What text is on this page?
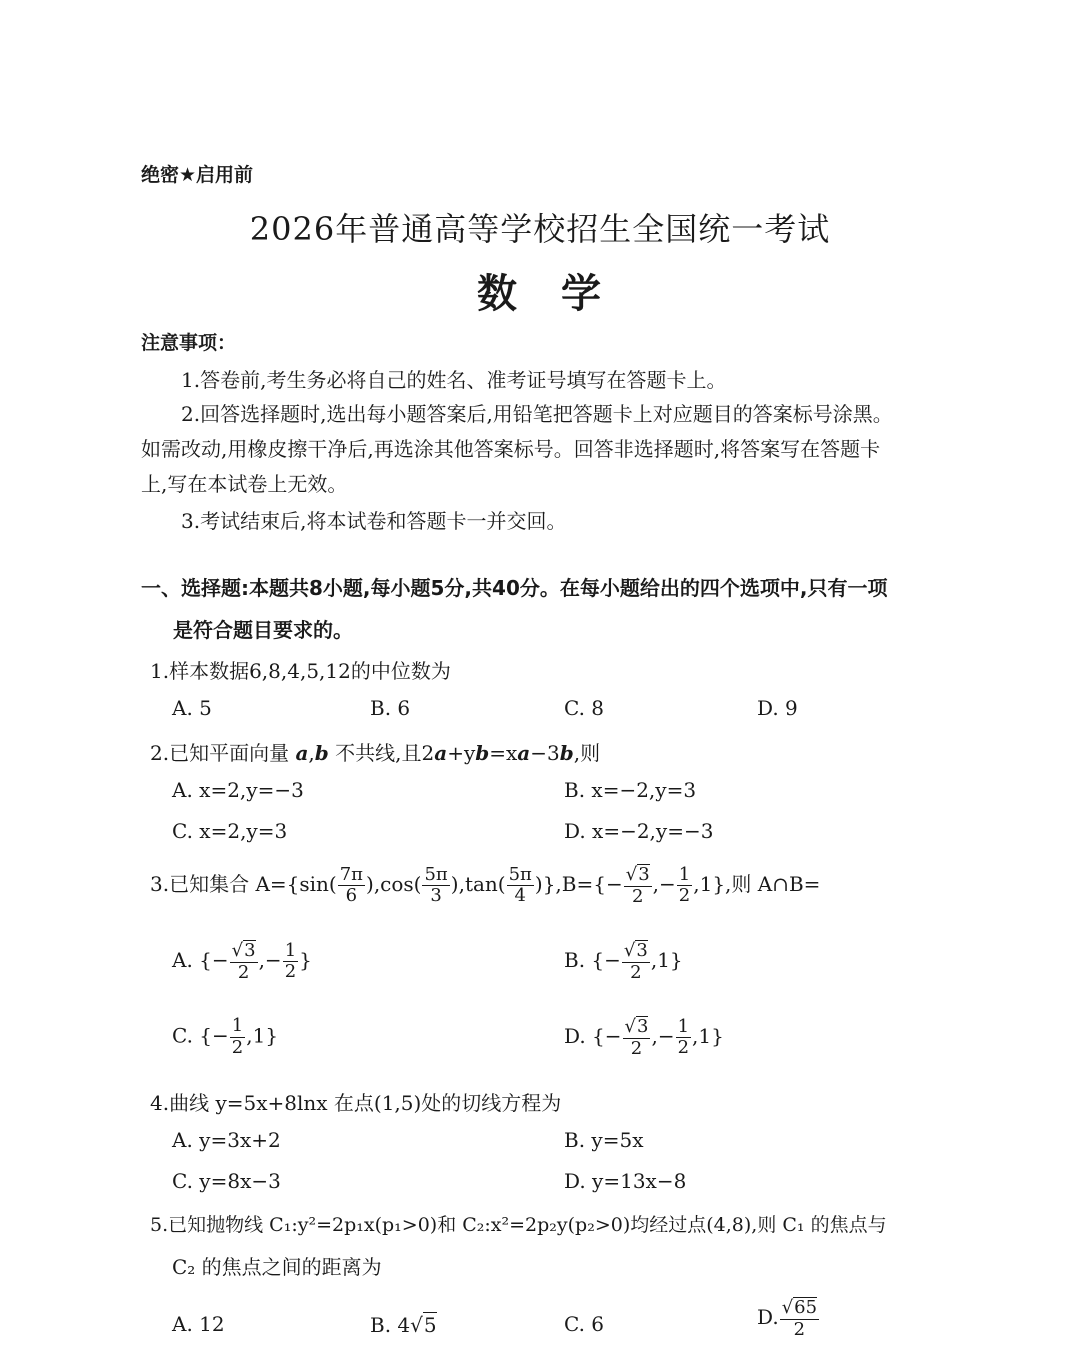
绝密★启用前
2026年普通高等学校招生全国统一考试
数　学
注意事项：
1.答卷前,考生务必将自己的姓名、准考证号填写在答题卡上。
2.回答选择题时,选出每小题答案后,用铅笔把答题卡上对应题目的答案标号涂黑。
如需改动,用橡皮擦干净后,再选涂其他答案标号。回答非选择题时,将答案写在答题卡
上,写在本试卷上无效。
3.考试结束后,将本试卷和答题卡一并交回。
一、选择题:本题共8小题,每小题5分,共40分。在每小题给出的四个选项中,只有一项
是符合题目要求的。
1.样本数据6,8,4,5,12的中位数为
A. 5	B. 6	C. 8	D. 9
2.已知平面向量 a,b 不共线,且2a+yb=xa−3b,则
A. x=2,y=−3	B. x=−2,y=3
C. x=2,y=3	D. x=−2,y=−3
3.已知集合 $A=\{\sin( \frac{7\pi}{6} ),\cos( \frac{5\pi}{3} ),\tan( \frac{5\pi}{4} )\},B=\{- \frac{√3}{2}$ ,− $\frac{1}{2} ,1$},则 A∩B=
A. {− $\frac{√3}{2}$ ,− $\frac{1}{2}$ }	B. {− $\frac{√3}{2} ,1$}
C. {− $\frac{1}{2} ,1$}	D. {− $\frac{√3}{2}$ ,− $\frac{1}{2} ,1$}
4.曲线 y=5x+8lnx 在点(1,5)处的切线方程为
A. y=3x+2	B. y=5x
C. y=8x−3	D. y=13x−8
5.已知抛物线 C₁:y²=2p₁x(p₁>0)和 C₂:x²=2p₂y(p₂>0)均经过点(4,8),则 C₁ 的焦点与
C₂ 的焦点之间的距离为
A. 12	B. 4√5	C. 6	D. $\frac{√65}{2}$
